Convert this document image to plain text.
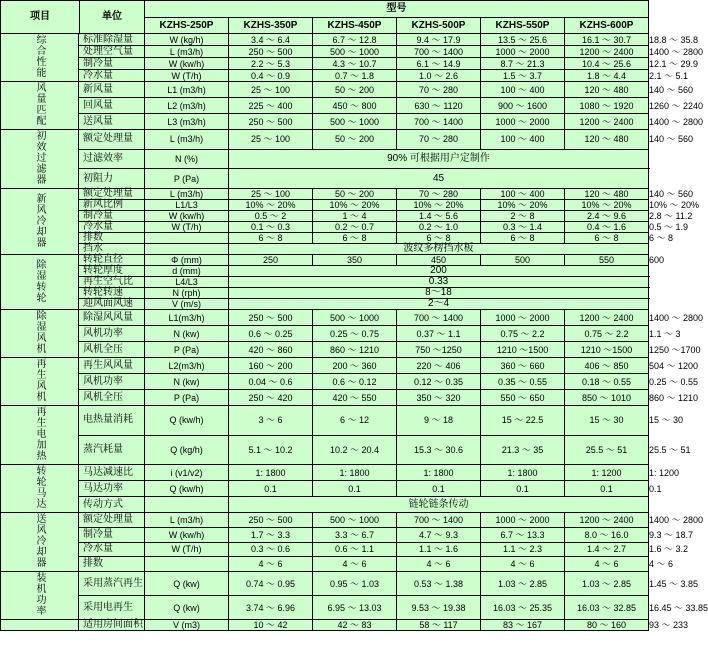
项目 单位		型号						
		KZHS-250P	KZHS-350P	KZHS-450P	KZHS-500P	KZHS-550P	KZHS-600P	
综合性能	标准除湿量	W (kg/h)	3.4 ～ 6.4	6.7 ～ 12.8	9.4 ～ 17.9	13.5 ～ 25.6	16.1 ～ 30.7	18.8 ～ 35.8
	处理空气量	L (m3/h)	250 ～ 500	500 ～ 1000	700 ～ 1400	1000 ～ 2000	1200 ～ 2400	1400 ～ 2800
	制冷量	W (kw/h)	2.2 ～ 5.3	4.3 ～ 10.7	6.1 ～ 14.9	8.7 ～ 21.3	10.4 ～ 25.6	12.1 ～ 29.9
	冷水量	W (T/h)	0.4 ～ 0.9	0.7 ～ 1.8	1.0 ～ 2.6	1.5 ～ 3.7	1.8 ～ 4.4	2.1 ～ 5.1
风量匹配	新风量	L1 (m3/h)	25 ～ 100	50 ～ 200	70 ～ 280	100 ～ 400	120 ～ 480	140 ～ 560
	回风量	L2 (m3/h)	225 ～ 400	450 ～ 800	630 ～ 1120	900 ～ 1600	1080 ～ 1920	1260 ～ 2240
	送风量	L3 (m3/h)	250 ～ 500	500 ～ 1000	700 ～ 1400	1000 ～ 2000	1200 ～ 2400	1400 ～ 2800
初效过滤器	额定处理量	L (m3/h)	25 ～ 100	50 ～ 200	70 ～ 280	100 ～ 400	120 ～ 480	140 ～ 560
	过滤效率	N (%)	90% 可根据用户定制作					
	初阻力	P (Pa)	45					
新风冷却器	额定处理量	L (m3/h)	25 ～ 100	50 ～ 200	70 ～ 280	100 ～ 400	120 ～ 480	140 ～ 560
	新风比例	L1/L3	10% ～ 20%	10% ～ 20%	10% ～ 20%	10% ～ 20%	10% ～ 20%	10% ～ 20%
	制冷量	W (kw/h)	0.5 ～ 2	1 ～ 4	1.4 ～ 5.6	2 ～ 8	2.4 ～ 9.6	2.8 ～ 11.2
	冷水量	W (T/h)	0.1 ～ 0.3	0.2 ～ 0.7	0.2 ～ 1.0	0.3 ～ 1.4	0.4 ～ 1.6	0.5 ～ 1.9
	排数		6 ～ 8	6 ～ 8	6 ～ 8	6 ～ 8	6 ～ 8	6 ～ 8
	挡水		波纹多楞挡水板					
除湿转轮	转轮直径	Φ (mm)	250	350	450	500	550	600
	转轮厚度	d (mm)	200					
	再生空气比	L4/L3	0.33					
	转轮转速	N (rph)	8～18					
	迎风面风速	V (m/s)	2～4					
除湿风机	除湿风风量	L1(m3/h)	250 ～ 500	500 ～ 1000	700 ～ 1400	1000 ～ 2000	1200 ～ 2400	1400 ～ 2800
	风机功率	N (kw)	0.6 ～ 0.25	0.25 ～ 0.75	0.37 ～ 1.1	0.75 ～ 2.2	0.75 ～ 2.2	1.1 ～ 3
	风机全压	P (Pa)	420 ～ 860	860 ～ 1210	750 ～1250	1210 ～1500	1210 ～1500	1250 ～1700
再生风机	再生风风量	L2(m3/h)	160 ～ 200	200 ～ 360	220 ～ 406	360 ～ 660	406 ～ 850	504 ～ 1200
	风机功率	N (kw)	0.04 ～ 0.6	0.6 ～ 0.12	0.12 ～ 0.35	0.35 ～ 0.55	0.18 ～ 0.55	0.25 ～ 0.55
	风机全压	P (Pa)	250 ～ 420	420 ～ 550	350 ～ 320	550 ～ 650	850 ～ 1010	860 ～ 1210
再生电加热	电热量消耗	Q (kw/h)	3 ～ 6	6 ～ 12	9 ～ 18	15 ～ 22.5	15 ～ 30	15 ～ 30
	蒸汽耗量	Q (kg/h)	5.1 ～ 10.2	10.2 ～ 20.4	15.3 ～ 30.6	21.3 ～ 35	25.5 ～ 51	25.5 ～ 51
转轮马达	马达减速比	i (v1/v2)	1: 1800	1: 1800	1: 1800	1: 1800	1: 1200	1: 1200
	马达功率	Q (kw/h)	0.1	0.1	0.1	0.1	0.1	0.1
	传动方式		链轮链条传动					
送风冷却器	额定处理量	L (m3/h)	250 ～ 500	500 ～ 1000	700 ～ 1400	1000 ～ 2000	1200 ～ 2400	1400 ～ 2800
	制冷量	W (kw/h)	1.7 ～ 3.3	3.3 ～ 6.7	4.7 ～ 9.3	6.7 ～ 13.3	8.0 ～ 16.0	9.3 ～ 18.7
	冷水量	W (T/h)	0.3 ～ 0.6	0.6 ～ 1.1	1.1 ～ 1.6	1.1 ～ 2.3	1.4 ～ 2.7	1.6 ～ 3.2
	排数		4 ～ 6	4 ～ 6	4 ～ 6	4 ～ 6	4 ～ 6	4 ～ 6
装机功率	采用蒸汽再生	Q (kw)	0.74 ～ 0.95	0.95 ～ 1.03	0.53 ～ 1.38	1.03 ～ 2.85	1.03 ～ 2.85	1.45 ～ 3.85
	采用电再生	Q (kw)	3.74 ～ 6.96	6.95 ～ 13.03	9.53 ～ 19.38	16.03 ～ 25.35	16.03 ～ 32.85	16.45 ～ 33.85
	适用房间面积	V (m3)	10 ～ 42	42 ～ 83	58 ～ 117	83 ～ 167	80 ～ 160	93 ～ 233
